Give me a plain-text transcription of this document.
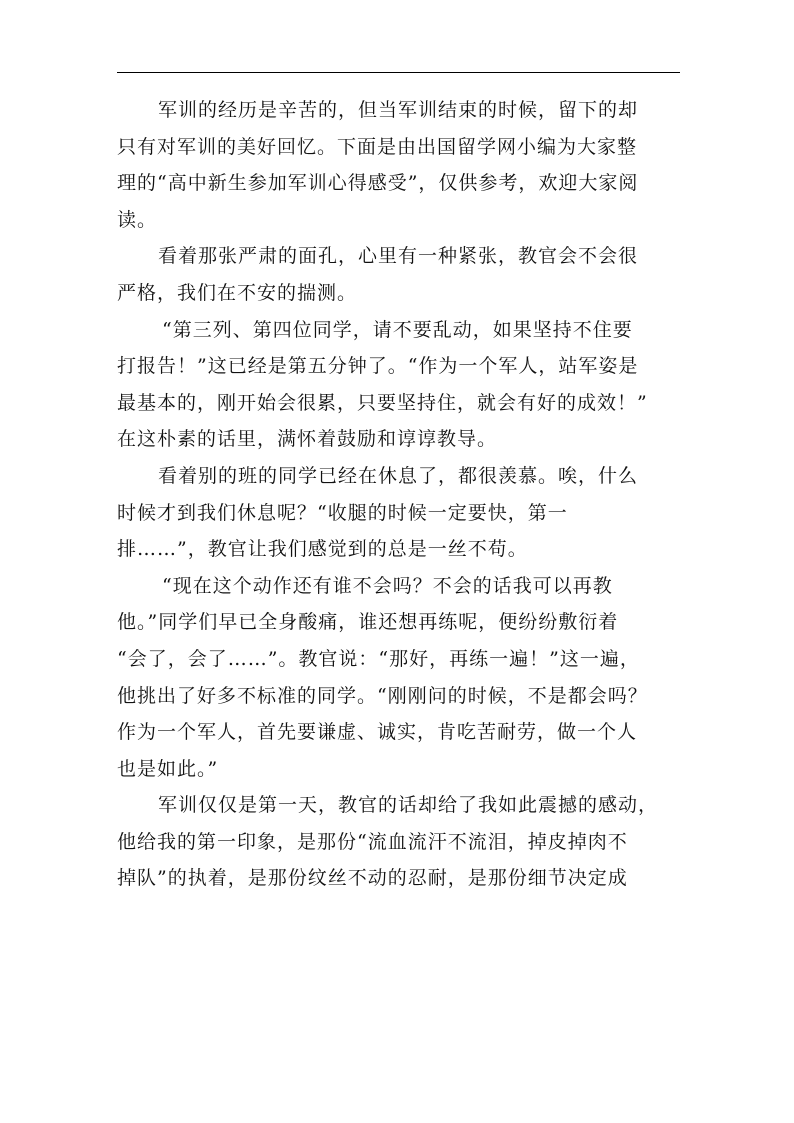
军训的经历是辛苦的，但当军训结束的时候，留下的却
只有对军训的美好回忆。下面是由出国留学网小编为大家整
理的“高中新生参加军训心得感受”，仅供参考，欢迎大家阅
读。

看着那张严肃的面孔，心里有一种紧张，教官会不会很
严格，我们在不安的揣测。

“第三列、第四位同学，请不要乱动，如果坚持不住要
打报告！”这已经是第五分钟了。“作为一个军人，站军姿是
最基本的，刚开始会很累，只要坚持住，就会有好的成效！”
在这朴素的话里，满怀着鼓励和谆谆教导。

看着别的班的同学已经在休息了，都很羡慕。唉，什么
时候才到我们休息呢？“收腿的时候一定要快，第一
排……”，教官让我们感觉到的总是一丝不苟。

“现在这个动作还有谁不会吗？不会的话我可以再教
他。”同学们早已全身酸痛，谁还想再练呢，便纷纷敷衍着
“会了，会了……”。教官说：“那好，再练一遍！”这一遍，
他挑出了好多不标准的同学。“刚刚问的时候，不是都会吗？
作为一个军人，首先要谦虚、诚实，肯吃苦耐劳，做一个人
也是如此。”

军训仅仅是第一天，教官的话却给了我如此震撼的感动，
他给我的第一印象，是那份“流血流汗不流泪，掉皮掉肉不
掉队”的执着，是那份纹丝不动的忍耐，是那份细节决定成
